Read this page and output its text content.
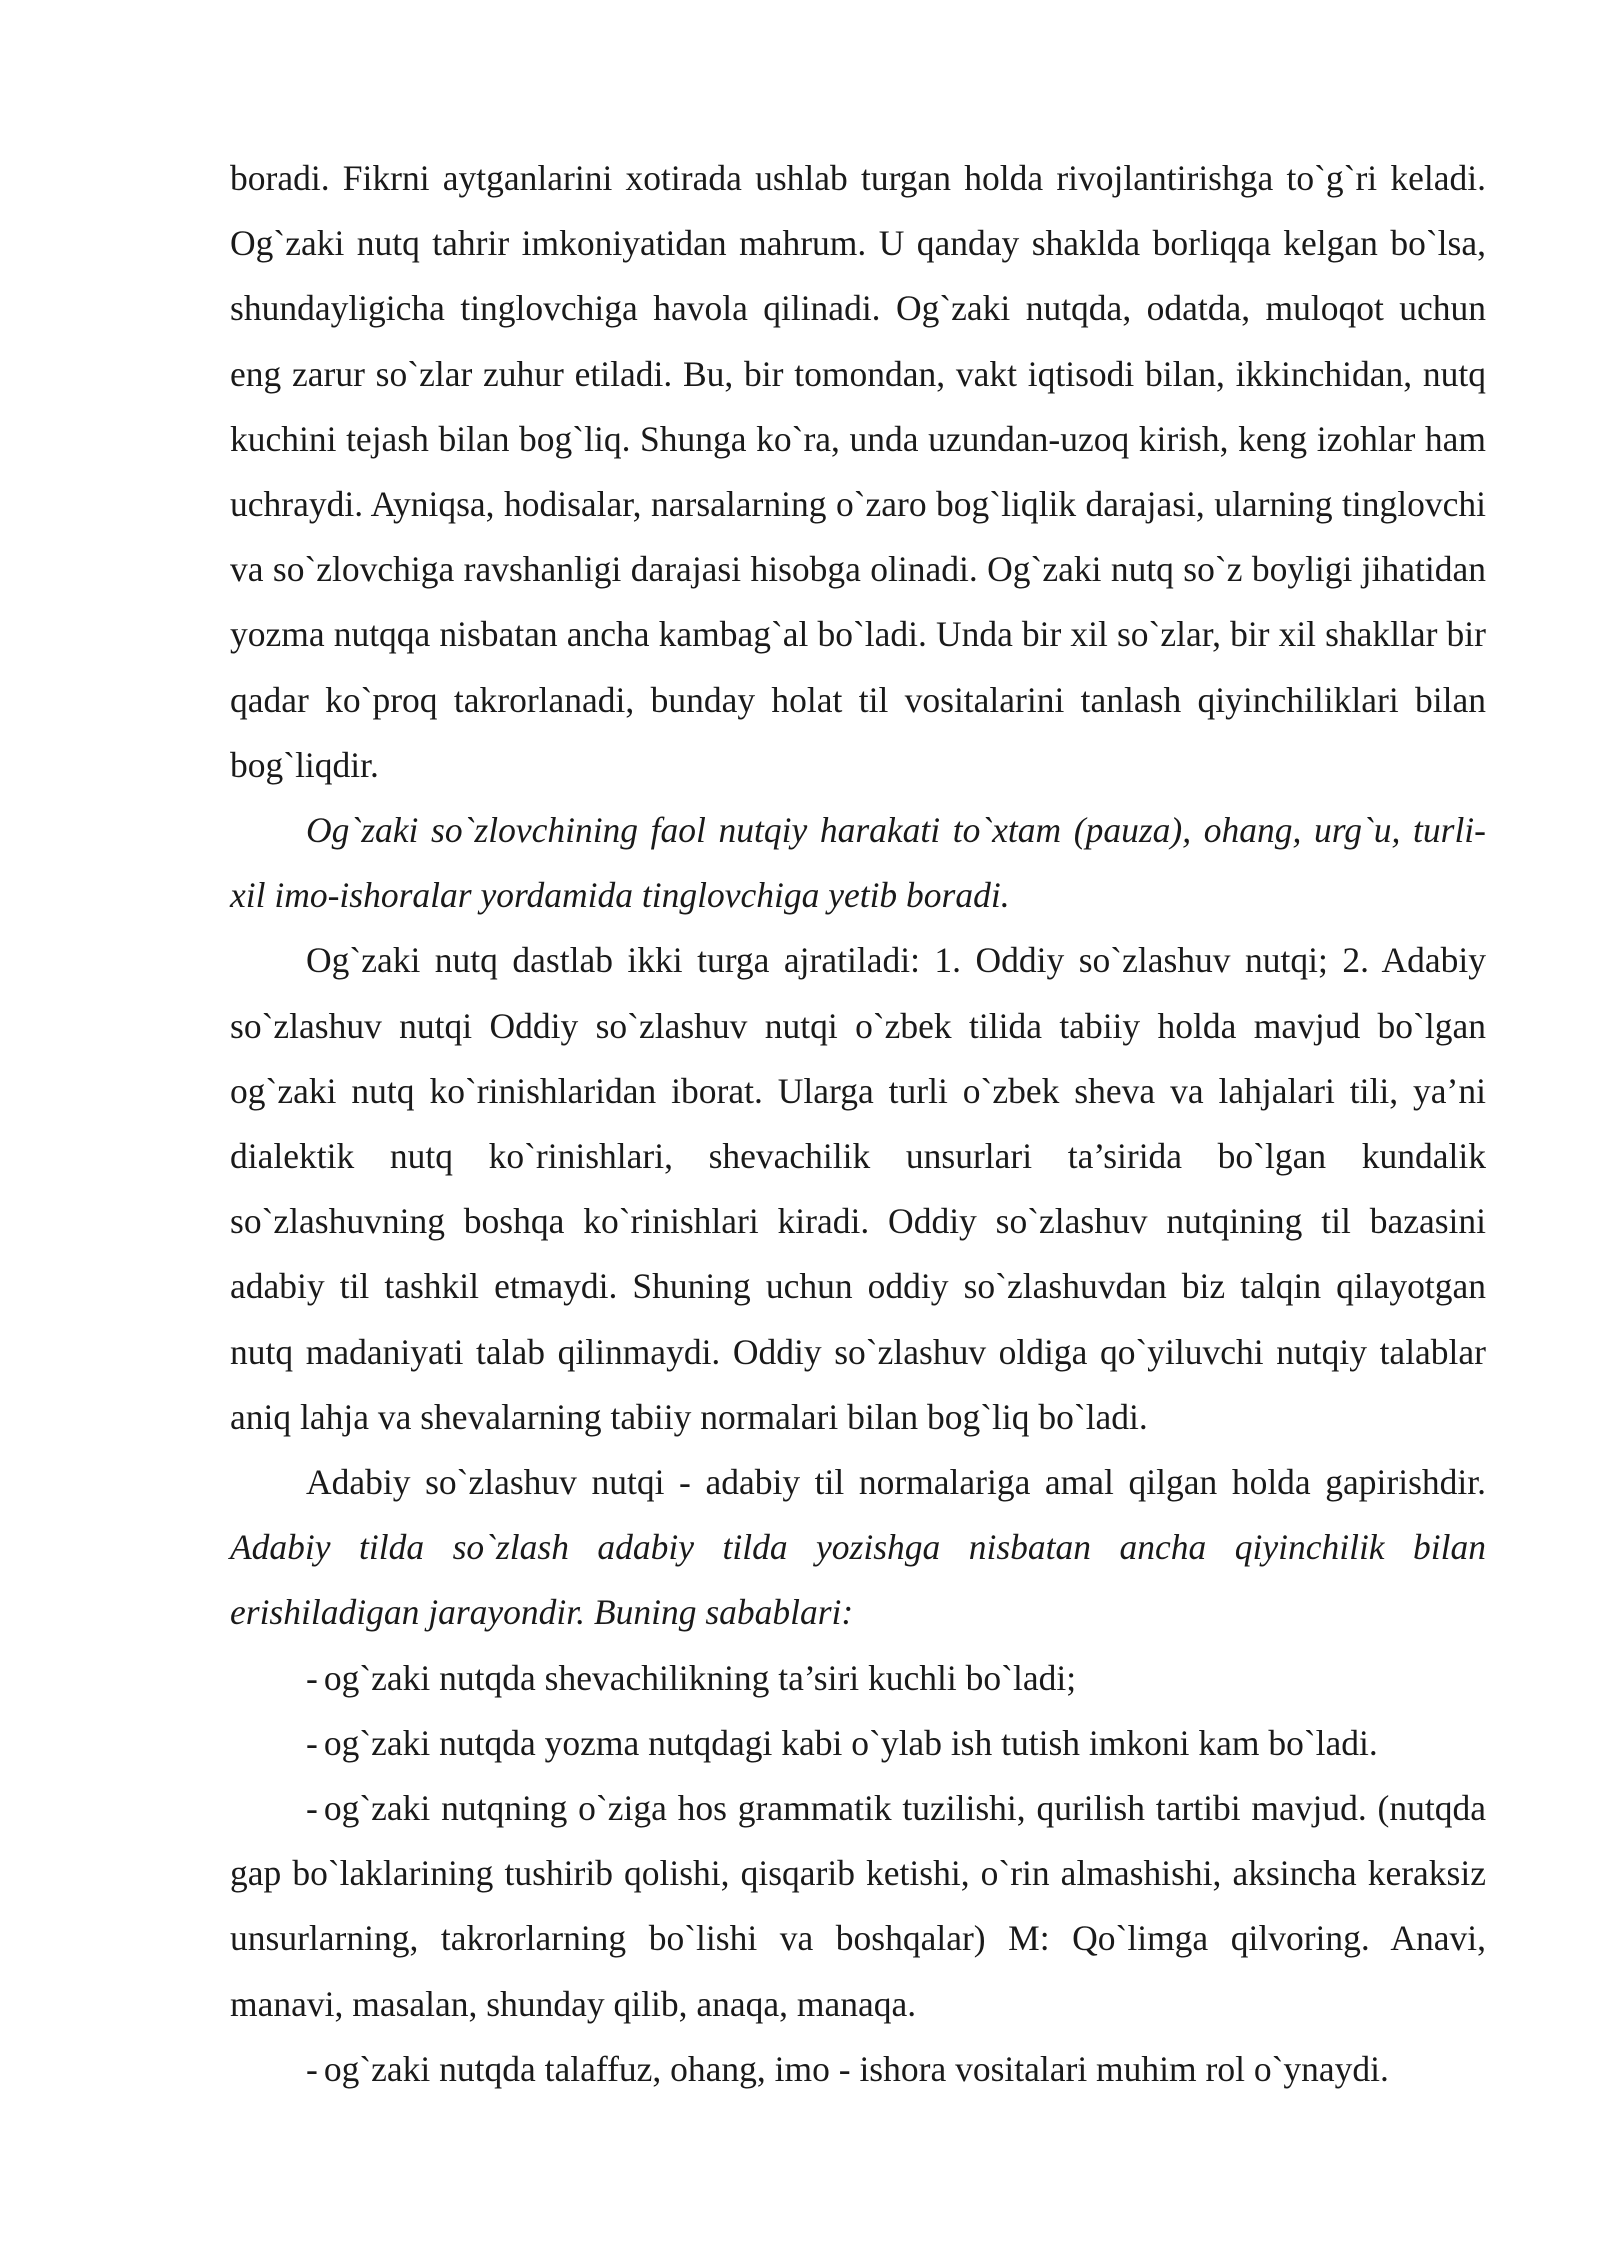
boradi. Fikrni aytganlarini xotirada ushlab turgan holda rivojlantirishga to`g`ri keladi. Og`zaki nutq tahrir imkoniyatidan mahrum. U qanday shaklda borliqqa kelgan bo`lsa, shundayligicha tinglovchiga havola qilinadi. Og`zaki nutqda, odatda, muloqot uchun eng zarur so`zlar zuhur etiladi. Bu, bir tomondan, vakt iqtisodi bilan, ikkinchidan, nutq kuchini tejash bilan bog`liq. Shunga ko`ra, unda uzundan-uzoq kirish, keng izohlar ham uchraydi. Ayniqsa, hodisalar, narsalarning o`zaro bog`liqlik darajasi, ularning tinglovchi va so`zlovchiga ravshanligi darajasi hisobga olinadi. Og`zaki nutq so`z boyligi jihatidan yozma nutqqa nisbatan ancha kambag`al bo`ladi. Unda bir xil so`zlar, bir xil shakllar bir qadar ko`proq takrorlanadi, bunday holat til vositalarini tanlash qiyinchiliklari bilan bog`liqdir.

Og`zaki so`zlovchining faol nutqiy harakati to`xtam (pauza), ohang, urg`u, turli-xil imo-ishoralar yordamida tinglovchiga yetib boradi.

Og`zaki nutq dastlab ikki turga ajratiladi: 1. Oddiy so`zlashuv nutqi; 2. Adabiy so`zlashuv nutqi Oddiy so`zlashuv nutqi o`zbek tilida tabiiy holda mavjud bo`lgan og`zaki nutq ko`rinishlaridan iborat. Ularga turli o`zbek sheva va lahjalari tili, ya’ni dialektik nutq ko`rinishlari, shevachilik unsurlari ta’sirida bo`lgan kundalik so`zlashuvning boshqa ko`rinishlari kiradi. Oddiy so`zlashuv nutqining til bazasini adabiy til tashkil etmaydi. Shuning uchun oddiy so`zlashuvdan biz talqin qilayotgan nutq madaniyati talab qilinmaydi. Oddiy so`zlashuv oldiga qo`yiluvchi nutqiy talablar aniq lahja va shevalarning tabiiy normalari bilan bog`liq bo`ladi.

Adabiy so`zlashuv nutqi - adabiy til normalariga amal qilgan holda gapirishdir. Adabiy tilda so`zlash adabiy tilda yozishga nisbatan ancha qiyinchilik bilan erishiladigan jarayondir. Buning sabablari:

- og`zaki nutqda shevachilikning ta’siri kuchli bo`ladi;

- og`zaki nutqda yozma nutqdagi kabi o`ylab ish tutish imkoni kam bo`ladi.

- og`zaki nutqning o`ziga hos grammatik tuzilishi, qurilish tartibi mavjud. (nutqda gap bo`laklarining tushirib qolishi, qisqarib ketishi, o`rin almashishi, aksincha keraksiz unsurlarning, takrorlarning bo`lishi va boshqalar) M: Qo`limga qilvoring. Anavi, manavi, masalan, shunday qilib, anaqa, manaqa.

- og`zaki nutqda talaffuz, ohang, imo - ishora vositalari muhim rol o`ynaydi.
